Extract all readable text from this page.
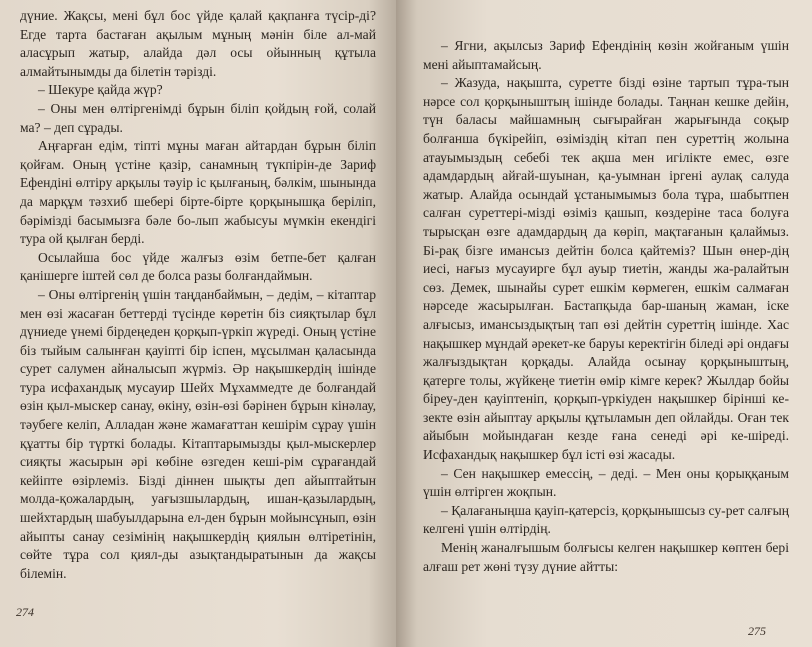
дүние. Жақсы, мені бұл бос үйде қалай қақпанға түсір-ді? Егде тарта бастаған ақылым мұның мәнін біле ал-май аласұрып жатыр, алайда дәл осы ойынның құтыла алмайтынымды да білетін тәрізді.

– Шекуре қайда жүр?

– Оны мен өлтіргенімді бұрын біліп қойдың ғой, солай ма? – деп сұрады.

Аңғарған едім, тіпті мұны маған айтардан бұрын біліп қойғам. Оның үстіне қазір, санамның түкпірін-де Зариф Ефендіні өлтіру арқылы тәуір іс қылғаның, бәлкім, шынында да марқұм тәзхиб шебері бірте-бірте қорқынышқа беріліп, бәрімізді басымызға бәле бо-лып жабысуы мүмкін екендігі тура ой қылған берді.

Осылайша бос үйде жалғыз өзім бетпе-бет қалған қанішерге іштей сөл де болса разы болғандаймын.

– Оны өлтіргенің үшін таңданбаймын, – дедім, – кітаптар мен өзі жасаған беттерді түсінде көретін біз сияқтылар бұл дүниеде үнемі бірдеңеден қорқып-үркіп жүреді. Оның үстіне біз тыйым салынған қауіпті бір іспен, мұсылман қаласында сурет салумен айналысып жүрміз. Әр нақышкердің ішінде тура исфахандық мусауир Шейх Мұхаммедте де болғандай өзін қыл-мыскер санау, өкіну, өзін-өзі бәрінен бұрын кінәлау, тәубеге келіп, Алладан және жамағаттан кешірім сұрау үшін құатты бір түрткі болады. Кітаптарымызды қыл-мыскерлер сияқты жасырын әрі көбіне өзгеден кеші-рім сұрағандай кейіпте өзірлеміз. Бізді діннен шықты деп айыптайтын молда-қожалардың, уағызшылардың, ишан-қазылардың, шейхтардың шабуылдарына ел-ден бұрын мойынсұнып, өзін айыпты санау сезімінің нақышкердің қиялын өлтіретінін, сөйте тұра сол қиял-ды азықтандыратынын да жақсы білемін.

274

– Ягни, ақылсыз Зариф Ефендінің көзін жойғаным үшін мені айыптамайсың.

– Жазуда, нақышта, суретте бізді өзіне тартып тұра-тын нәрсе сол қорқыныштың ішінде болады. Таңнан кешке дейін, түн баласы майшамның сығырайған жарығында соқыр болғанша бүкірейіп, өзіміздің кітап пен суреттің жолына атауымыздың себебі тек ақша мен игілікте емес, өзге адамдардың айғай-шуынан, қа-уымнан іргені аулақ салуда жатыр. Алайда осындай ұстанымымыз бола тұра, шабытпен салған суреттері-мізді өзіміз қашып, көздеріне таса болуға тырысқан өзге адамдардың да көріп, мақтағанын қалаймыз. Бі-рақ бізге имансыз дейтін болса қайтеміз? Шын өнер-дің иесі, нағыз мусауиргe бұл ауыр тиетін, жанды жа-ралайтын сөз. Демек, шынайы сурет ешкім көрмеген, ешкім салмаған нәрседе жасырылған. Бастапқыда бар-шаның жаман, іске алғысыз, имансыздықтың тап өзі дейтін суреттің ішінде. Хас нақышкер мұндай әрекет-ке баруы керектігін біледі әрі ондағы жалғыздықтан қорқады. Алайда осынау қорқыныштың, қатерге толы, жүйкеңе тиетін өмір кімге керек? Жылдар бойы біреу-ден қауіптеніп, қорқып-үркіуден нақышкер бірінші ке-зекте өзін айыптау арқылы құтыламын деп ойлайды. Оған тек айыбын мойындаған кезде ғана сенеді әрі ке-шіреді. Исфахандық нақышкер бұл істі өзі жасады.

– Сен нақышкер емессің, – деді. – Мен оны қорыққаным үшін өлтірген жоқпын.

– Қалағаныңша қауіп-қатерсіз, қорқынышсыз су-рет салғың келгені үшін өлтірдің.

Менің жаналғышым болғысы келген нақышкер көптен бері алғаш рет жөні түзу дүние айтты:

275
